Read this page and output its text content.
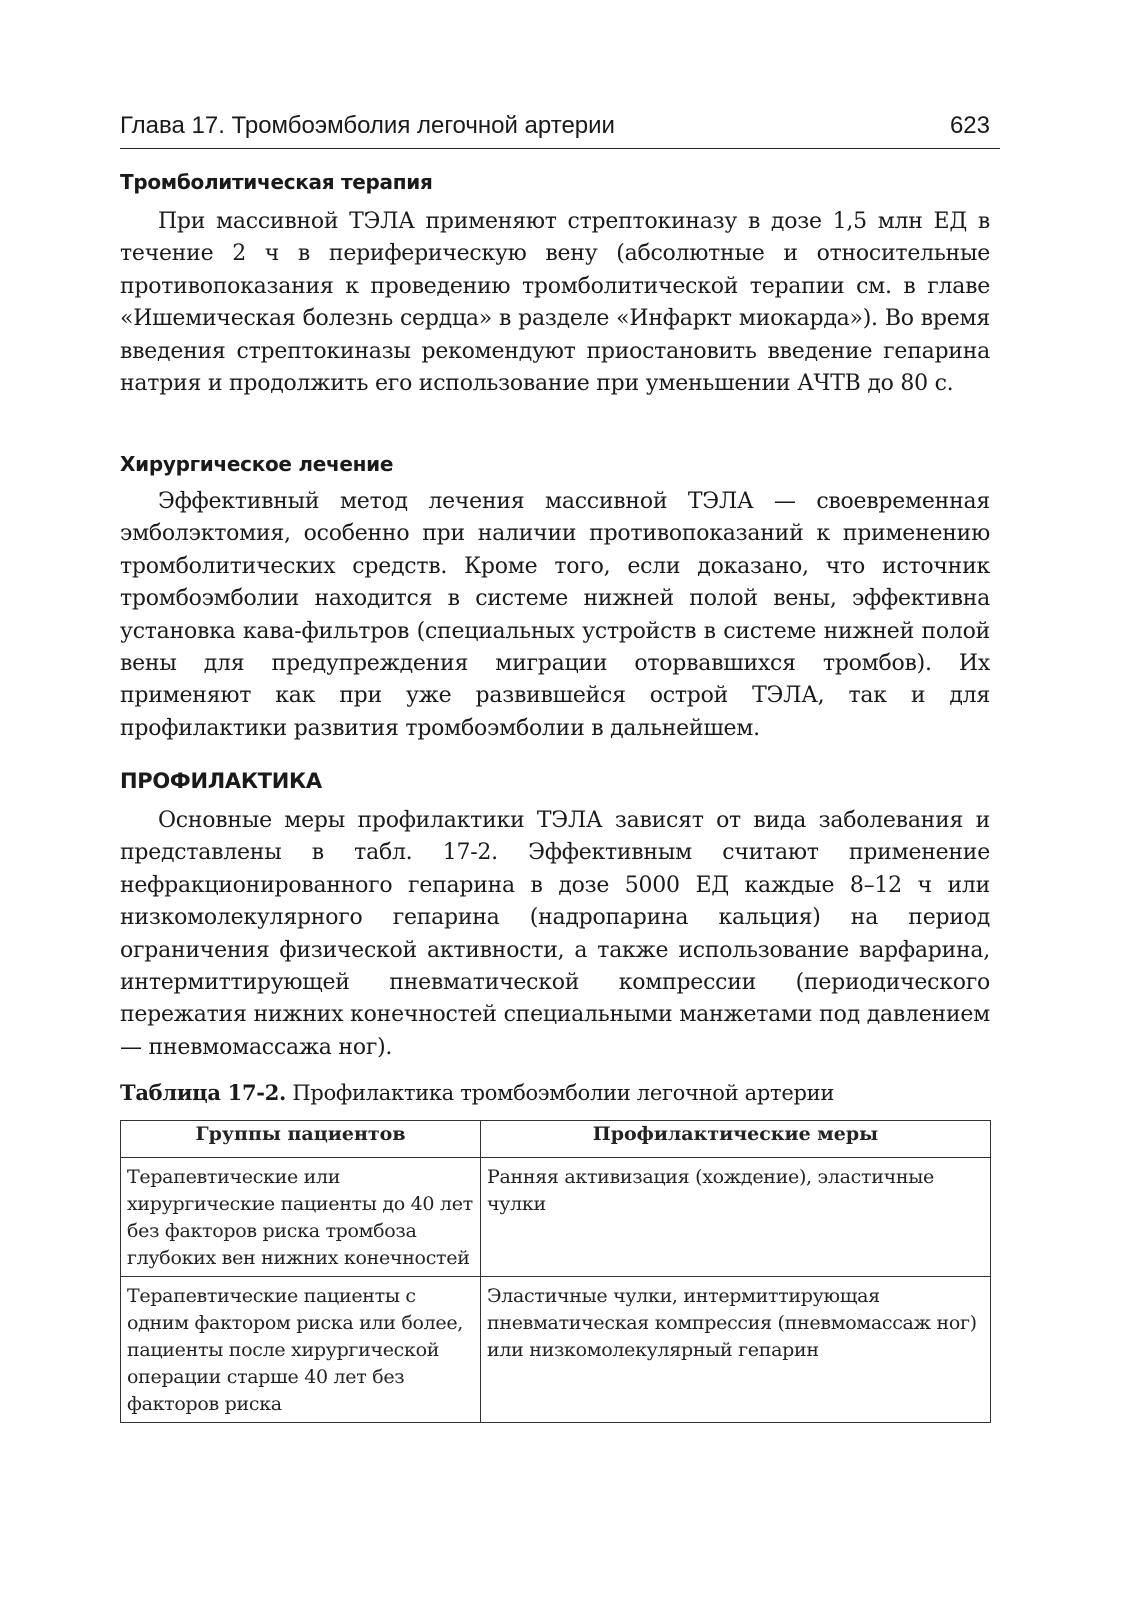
Глава 17. Тромбоэмболия легочной артерии	623
Тромболитическая терапия

При массивной ТЭЛА применяют стрептокиназу в дозе 1,5 млн ЕД в течение 2 ч в периферическую вену (абсолютные и относительные противопоказания к проведению тромболитической терапии см. в главе «Ишемическая болезнь сердца» в разделе «Инфаркт миокарда»). Во время введения стрептокиназы рекомендуют приостановить введение гепарина натрия и продолжить его использование при уменьшении АЧТВ до 80 с.

Хирургическое лечение

Эффективный метод лечения массивной ТЭЛА — своевременная эмболэктомия, особенно при наличии противопоказаний к применению тромболитических средств. Кроме того, если доказано, что источник тромбоэмболии находится в системе нижней полой вены, эффективна установка кава-фильтров (специальных устройств в системе нижней полой вены для предупреждения миграции оторвавшихся тромбов). Их применяют как при уже развившейся острой ТЭЛА, так и для профилактики развития тромбоэмболии в дальнейшем.

ПРОФИЛАКТИКА

Основные меры профилактики ТЭЛА зависят от вида заболевания и представлены в табл. 17-2. Эффективным считают применение нефракционированного гепарина в дозе 5000 ЕД каждые 8–12 ч или низкомолекулярного гепарина (надропарина кальция) на период ограничения физической активности, а также использование варфарина, интермиттирующей пневматической компрессии (периодического пережатия нижних конечностей специальными манжетами под давлением — пневмомассажа ног).

Таблица 17-2. Профилактика тромбоэмболии легочной артерии
Группы пациентов	Профилактические меры

Терапевтические или хирургические пациенты до 40 лет без факторов риска тромбоза глубоких вен нижних конечностей	Ранняя активизация (хождение), эластичные чулки

Терапевтические пациенты с одним фактором риска или более, пациенты после хирургической операции старше 40 лет без факторов риска	Эластичные чулки, интермиттирующая пневматическая компрессия (пневмомассаж ног) или низкомолекулярный гепарин
